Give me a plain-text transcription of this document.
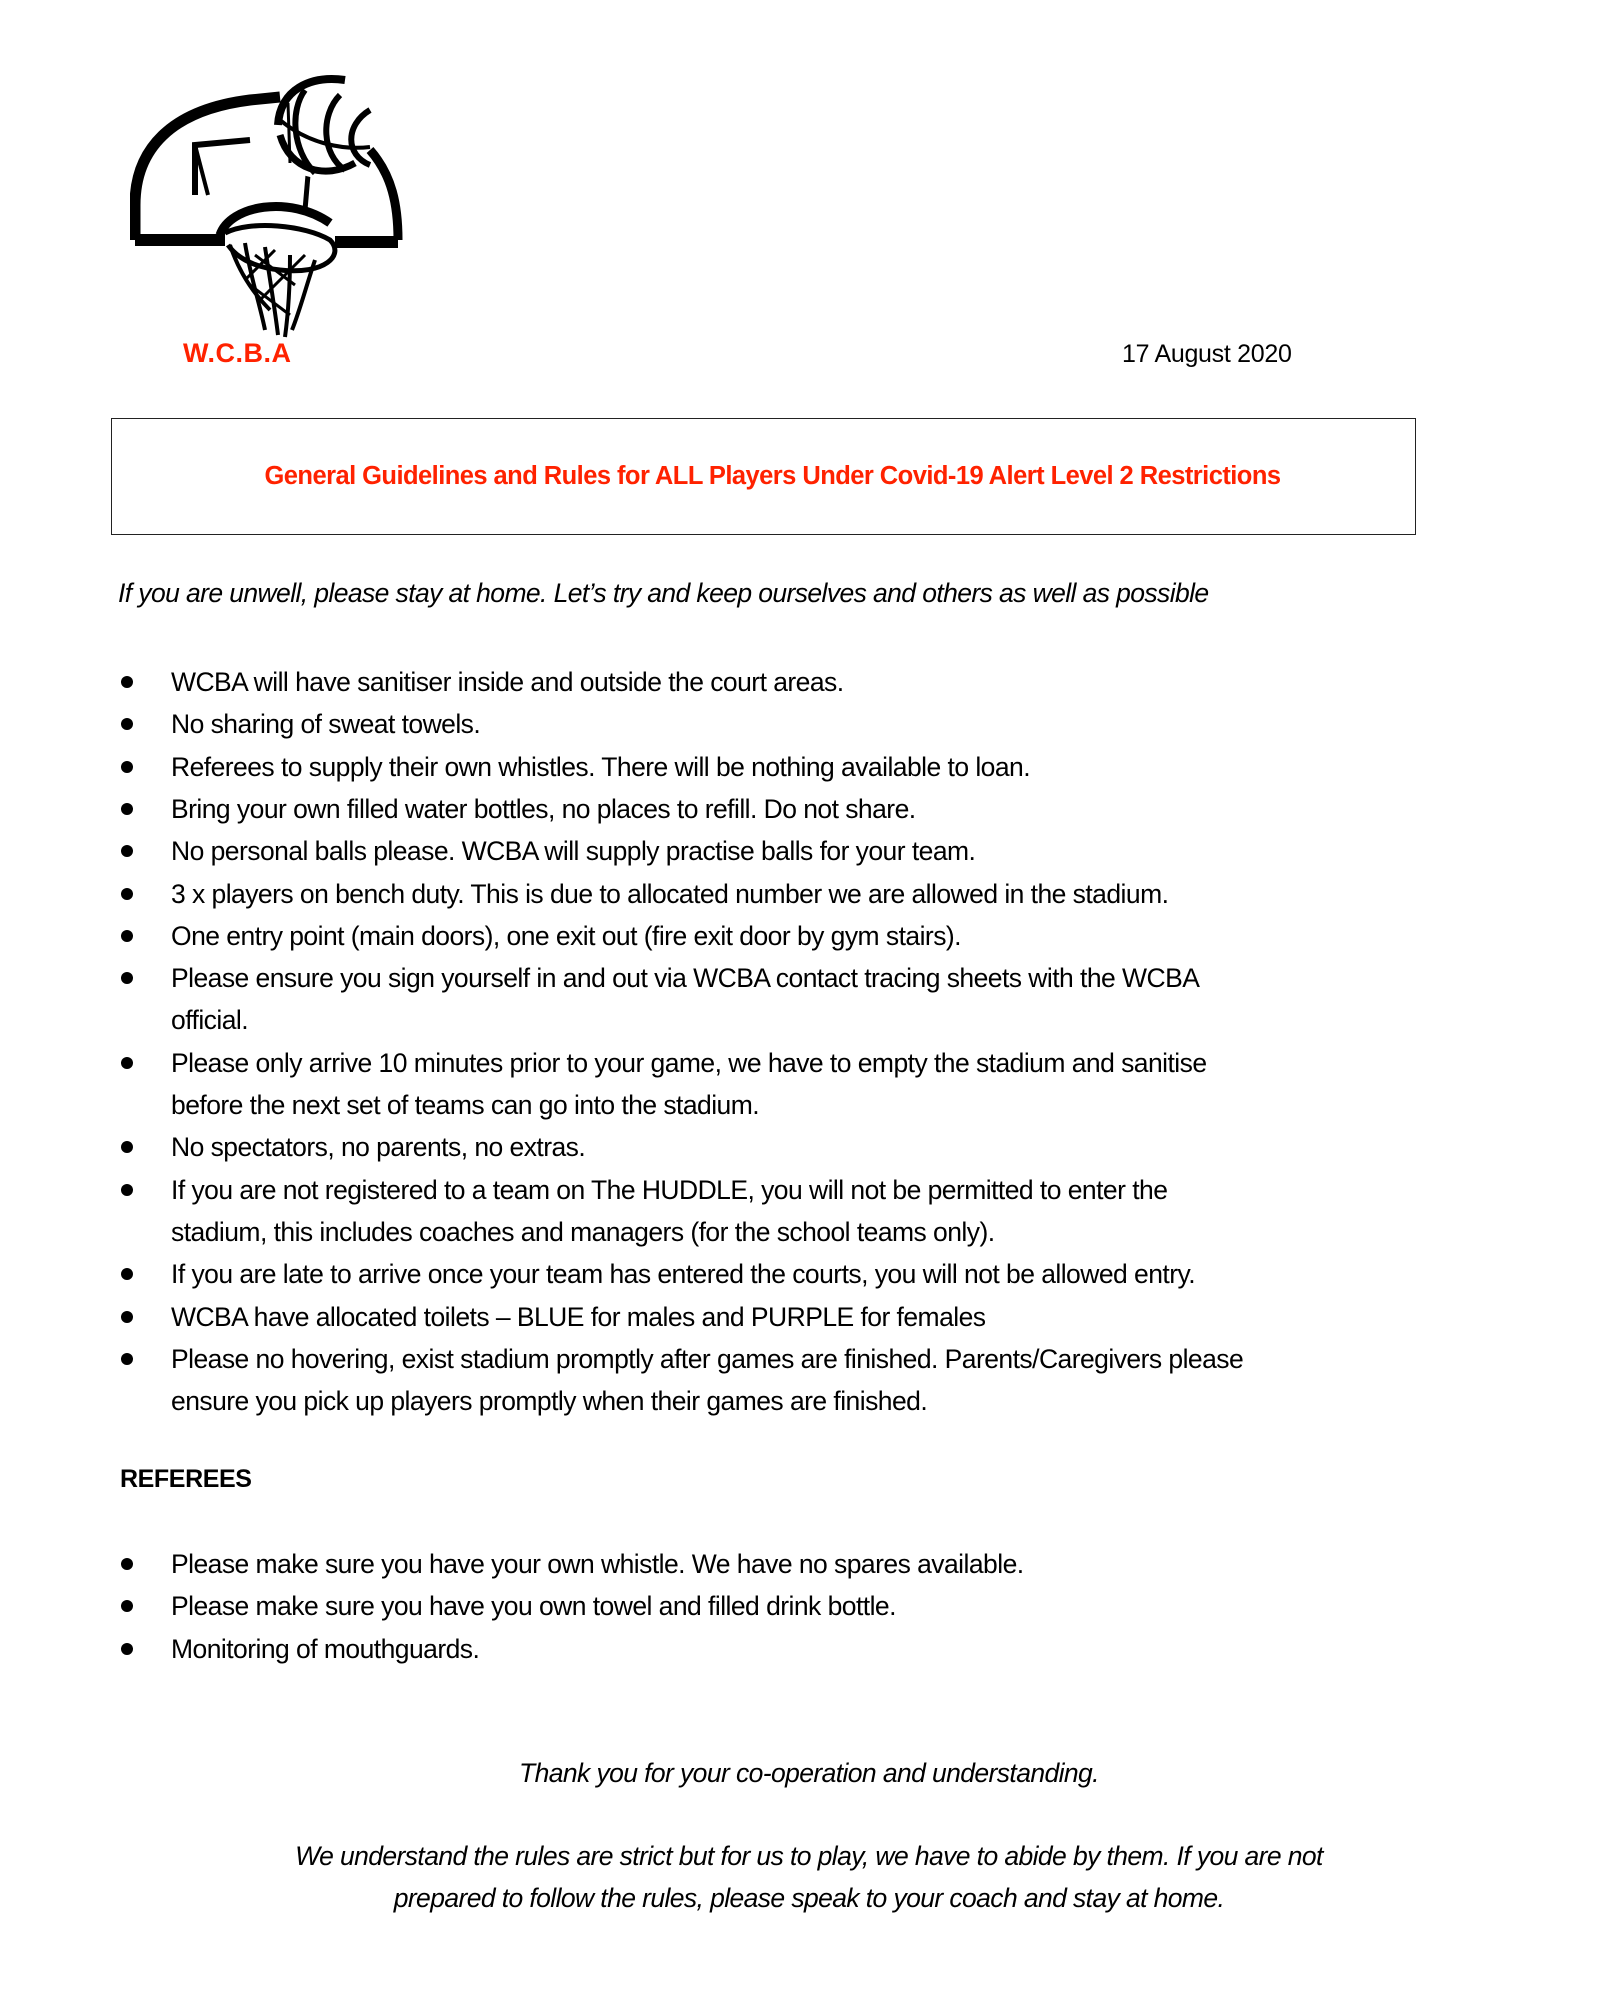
W.C.B.A	17 August 2020
General Guidelines and Rules for ALL Players Under Covid-19 Alert Level 2 Restrictions
If you are unwell, please stay at home. Let’s try and keep ourselves and others as well as possible
WCBA will have sanitiser inside and outside the court areas.
No sharing of sweat towels.
Referees to supply their own whistles. There will be nothing available to loan.
Bring your own filled water bottles, no places to refill. Do not share.
No personal balls please. WCBA will supply practise balls for your team.
3 x players on bench duty. This is due to allocated number we are allowed in the stadium.
One entry point (main doors), one exit out (fire exit door by gym stairs).
Please ensure you sign yourself in and out via WCBA contact tracing sheets with the WCBA
official.
Please only arrive 10 minutes prior to your game, we have to empty the stadium and sanitise
before the next set of teams can go into the stadium.
No spectators, no parents, no extras.
If you are not registered to a team on The HUDDLE, you will not be permitted to enter the
stadium, this includes coaches and managers (for the school teams only).
If you are late to arrive once your team has entered the courts, you will not be allowed entry.
WCBA have allocated toilets – BLUE for males and PURPLE for females
Please no hovering, exist stadium promptly after games are finished. Parents/Caregivers please
ensure you pick up players promptly when their games are finished.
REFEREES
Please make sure you have your own whistle. We have no spares available.
Please make sure you have you own towel and filled drink bottle.
Monitoring of mouthguards.
Thank you for your co-operation and understanding.
We understand the rules are strict but for us to play, we have to abide by them. If you are not
prepared to follow the rules, please speak to your coach and stay at home.
